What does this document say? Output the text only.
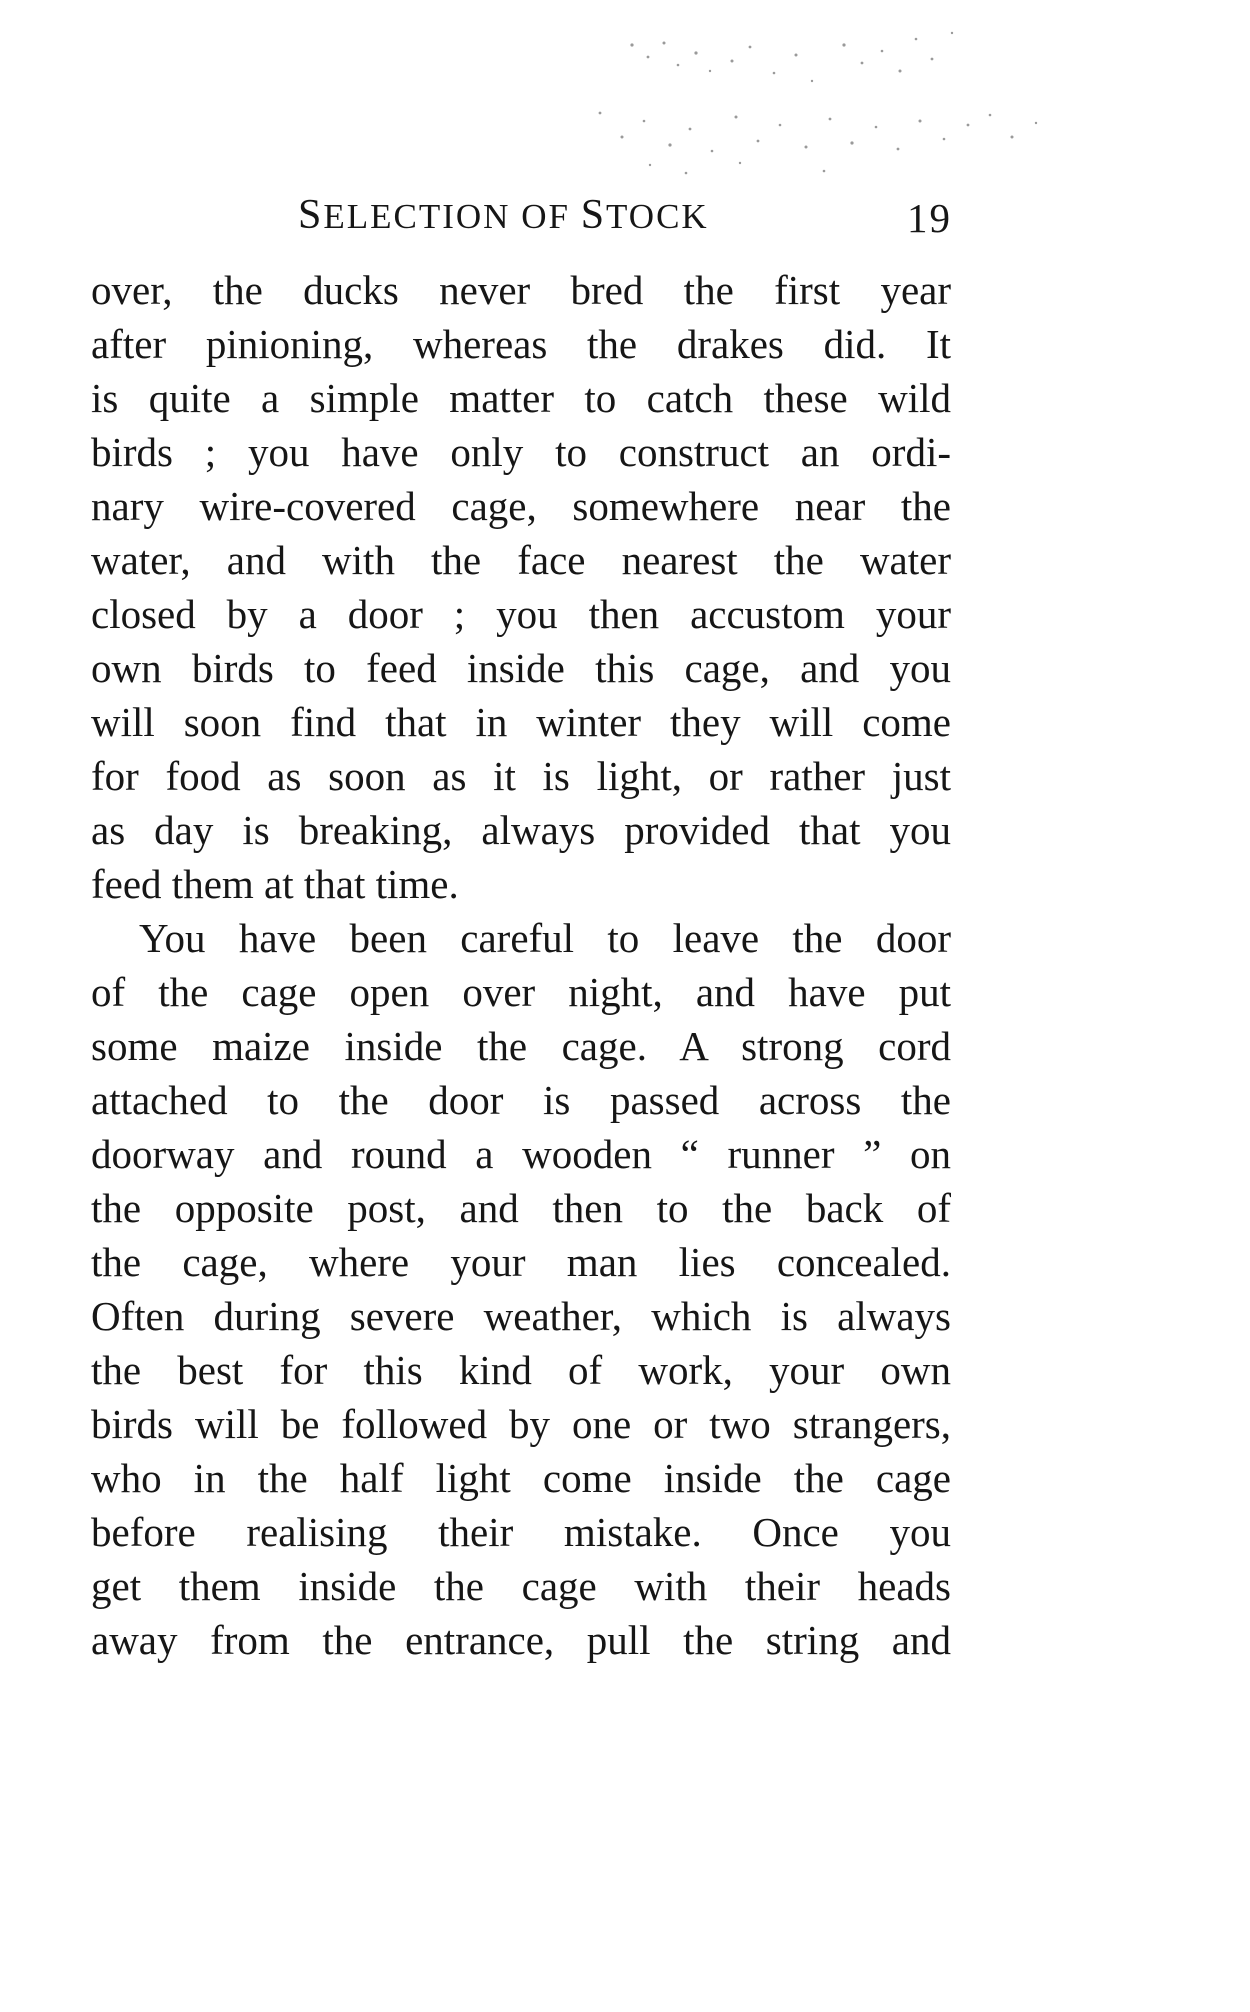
SELECTION OF STOCK	19
over, the ducks never bred the first year
after pinioning, whereas the drakes did. It
is quite a simple matter to catch these wild
birds ; you have only to construct an ordi-
nary wire-covered cage, somewhere near the
water, and with the face nearest the water
closed by a door ; you then accustom your
own birds to feed inside this cage, and you
will soon find that in winter they will come
for food as soon as it is light, or rather just
as day is breaking, always provided that you
feed them at that time.
You have been careful to leave the door
of the cage open over night, and have put
some maize inside the cage. A strong cord
attached to the door is passed across the
doorway and round a wooden “ runner ” on
the opposite post, and then to the back of
the cage, where your man lies concealed.
Often during severe weather, which is always
the best for this kind of work, your own
birds will be followed by one or two strangers,
who in the half light come inside the cage
before realising their mistake. Once you
get them inside the cage with their heads
away from the entrance, pull the string and
